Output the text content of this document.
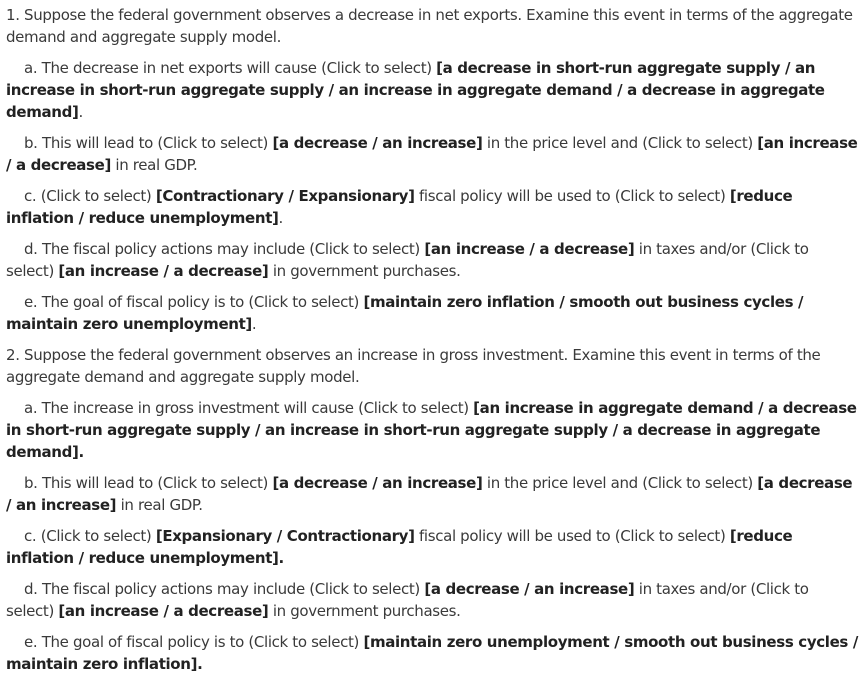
1. Suppose the federal government observes a decrease in net exports. Examine this event in terms of the aggregate demand and aggregate supply model.
a. The decrease in net exports will cause (Click to select) [a decrease in short-run aggregate supply / an increase in short-run aggregate supply / an increase in aggregate demand / a decrease in aggregate demand].
b. This will lead to (Click to select) [a decrease / an increase] in the price level and (Click to select) [an increase / a decrease] in real GDP.
c. (Click to select) [Contractionary / Expansionary] fiscal policy will be used to (Click to select) [reduce inflation / reduce unemployment].
d. The fiscal policy actions may include (Click to select) [an increase / a decrease] in taxes and/or (Click to select) [an increase / a decrease] in government purchases.
e. The goal of fiscal policy is to (Click to select) [maintain zero inflation / smooth out business cycles / maintain zero unemployment].
2. Suppose the federal government observes an increase in gross investment. Examine this event in terms of the aggregate demand and aggregate supply model.
a. The increase in gross investment will cause (Click to select) [an increase in aggregate demand / a decrease in short-run aggregate supply / an increase in short-run aggregate supply / a decrease in aggregate demand].
b. This will lead to (Click to select) [a decrease / an increase] in the price level and (Click to select) [a decrease / an increase] in real GDP.
c. (Click to select) [Expansionary / Contractionary] fiscal policy will be used to (Click to select) [reduce inflation / reduce unemployment].
d. The fiscal policy actions may include (Click to select) [a decrease / an increase] in taxes and/or (Click to select) [an increase / a decrease] in government purchases.
e. The goal of fiscal policy is to (Click to select) [maintain zero unemployment / smooth out business cycles / maintain zero inflation].
